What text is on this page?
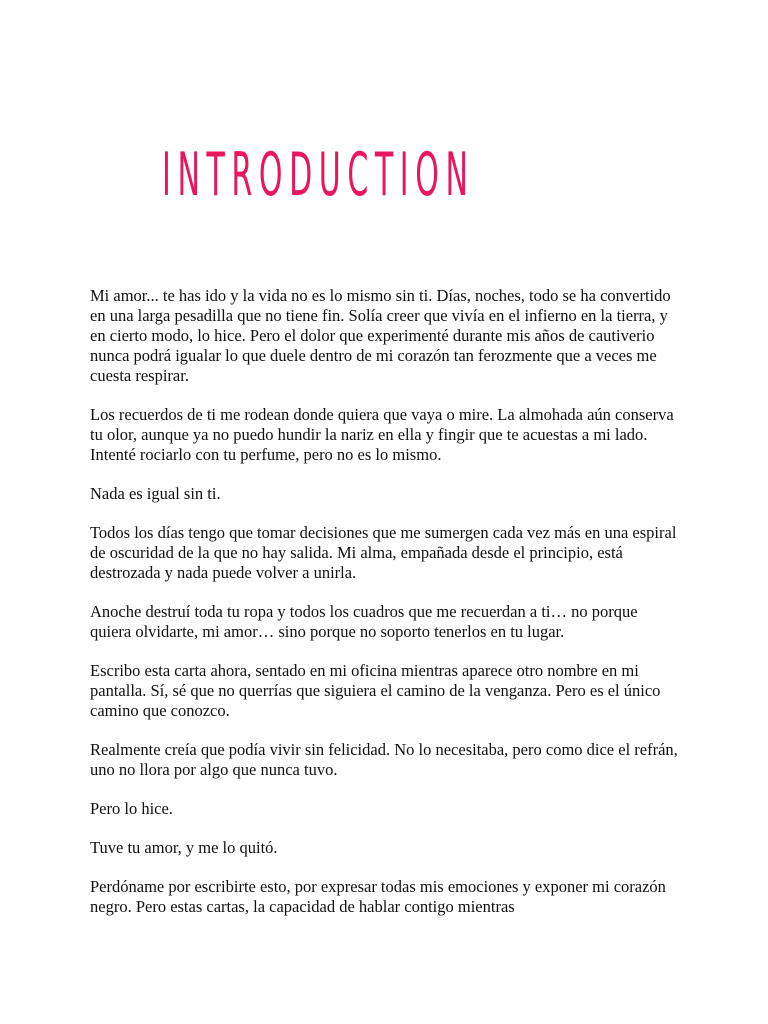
INTRODUCTION

Mi amor... te has ido y la vida no es lo mismo sin ti. Días, noches, todo se ha convertido en una larga pesadilla que no tiene fin. Solía creer que vivía en el infierno en la tierra, y en cierto modo, lo hice. Pero el dolor que experimenté durante mis años de cautiverio nunca podrá igualar lo que duele dentro de mi corazón tan ferozmente que a veces me cuesta respirar.

Los recuerdos de ti me rodean donde quiera que vaya o mire. La almohada aún conserva tu olor, aunque ya no puedo hundir la nariz en ella y fingir que te acuestas a mi lado. Intenté rociarlo con tu perfume, pero no es lo mismo.

Nada es igual sin ti.

Todos los días tengo que tomar decisiones que me sumergen cada vez más en una espiral de oscuridad de la que no hay salida. Mi alma, empañada desde el principio, está destrozada y nada puede volver a unirla.

Anoche destruí toda tu ropa y todos los cuadros que me recuerdan a ti… no porque quiera olvidarte, mi amor… sino porque no soporto tenerlos en tu lugar.

Escribo esta carta ahora, sentado en mi oficina mientras aparece otro nombre en mi pantalla. Sí, sé que no querrías que siguiera el camino de la venganza. Pero es el único camino que conozco.

Realmente creía que podía vivir sin felicidad. No lo necesitaba, pero como dice el refrán, uno no llora por algo que nunca tuvo.

Pero lo hice.

Tuve tu amor, y me lo quitó.

Perdóname por escribirte esto, por expresar todas mis emociones y exponer mi corazón negro. Pero estas cartas, la capacidad de hablar contigo mientras
